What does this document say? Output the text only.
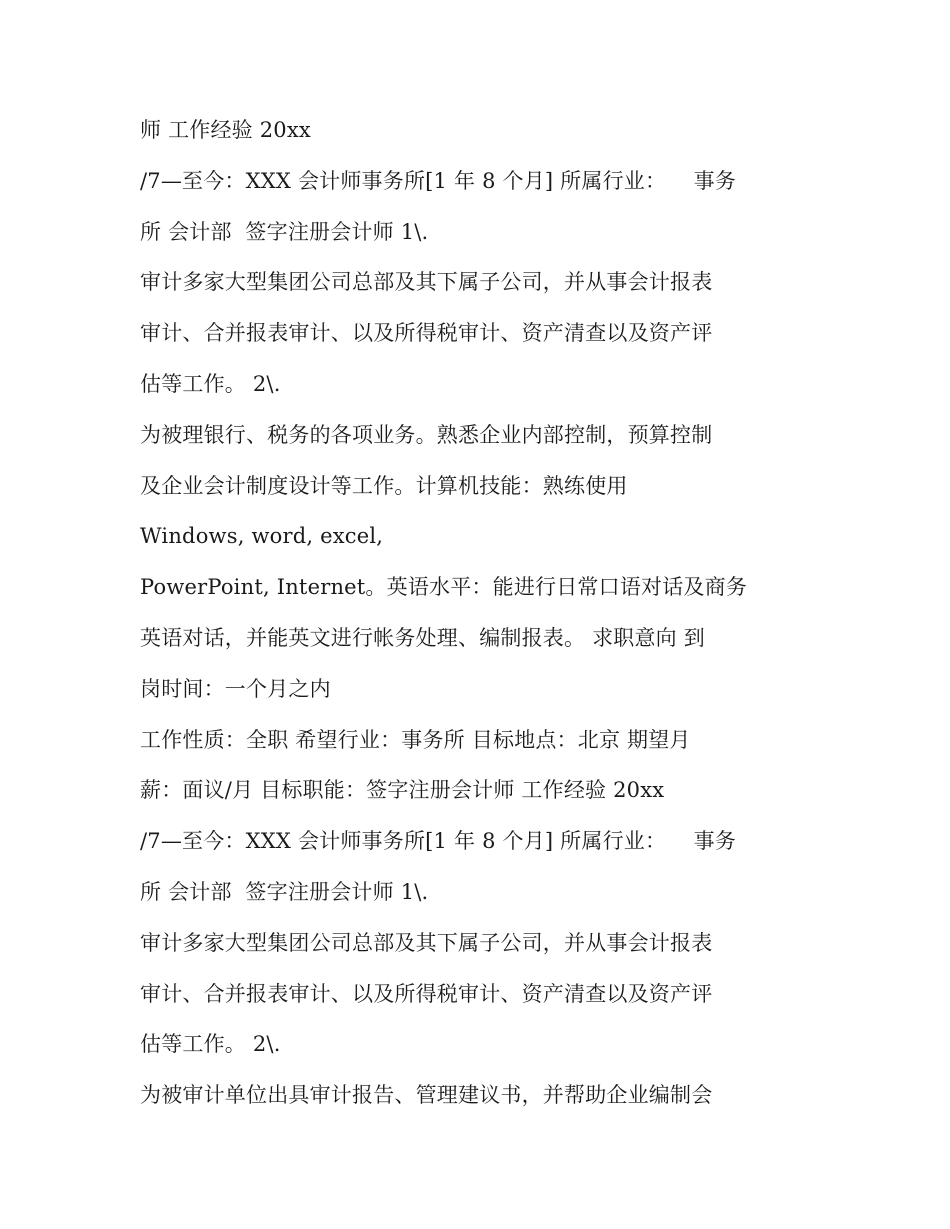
师 工作经验 20xx
/7—至今：XXX 会计师事务所[1 年 8 个月] 所属行业：    事务
所 会计部  签字注册会计师 1\.
审计多家大型集团公司总部及其下属子公司，并从事会计报表
审计、合并报表审计、以及所得税审计、资产清查以及资产评
估等工作。 2\.
为被理银行、税务的各项业务。熟悉企业内部控制，预算控制
及企业会计制度设计等工作。计算机技能：熟练使用
Windows, word, excel,
PowerPoint, Internet。英语水平：能进行日常口语对话及商务
英语对话，并能英文进行帐务处理、编制报表。 求职意向 到
岗时间：一个月之内
工作性质：全职 希望行业：事务所 目标地点：北京 期望月
薪：面议/月 目标职能：签字注册会计师 工作经验 20xx
/7—至今：XXX 会计师事务所[1 年 8 个月] 所属行业：    事务
所 会计部  签字注册会计师 1\.
审计多家大型集团公司总部及其下属子公司，并从事会计报表
审计、合并报表审计、以及所得税审计、资产清查以及资产评
估等工作。 2\.
为被审计单位出具审计报告、管理建议书，并帮助企业编制会
